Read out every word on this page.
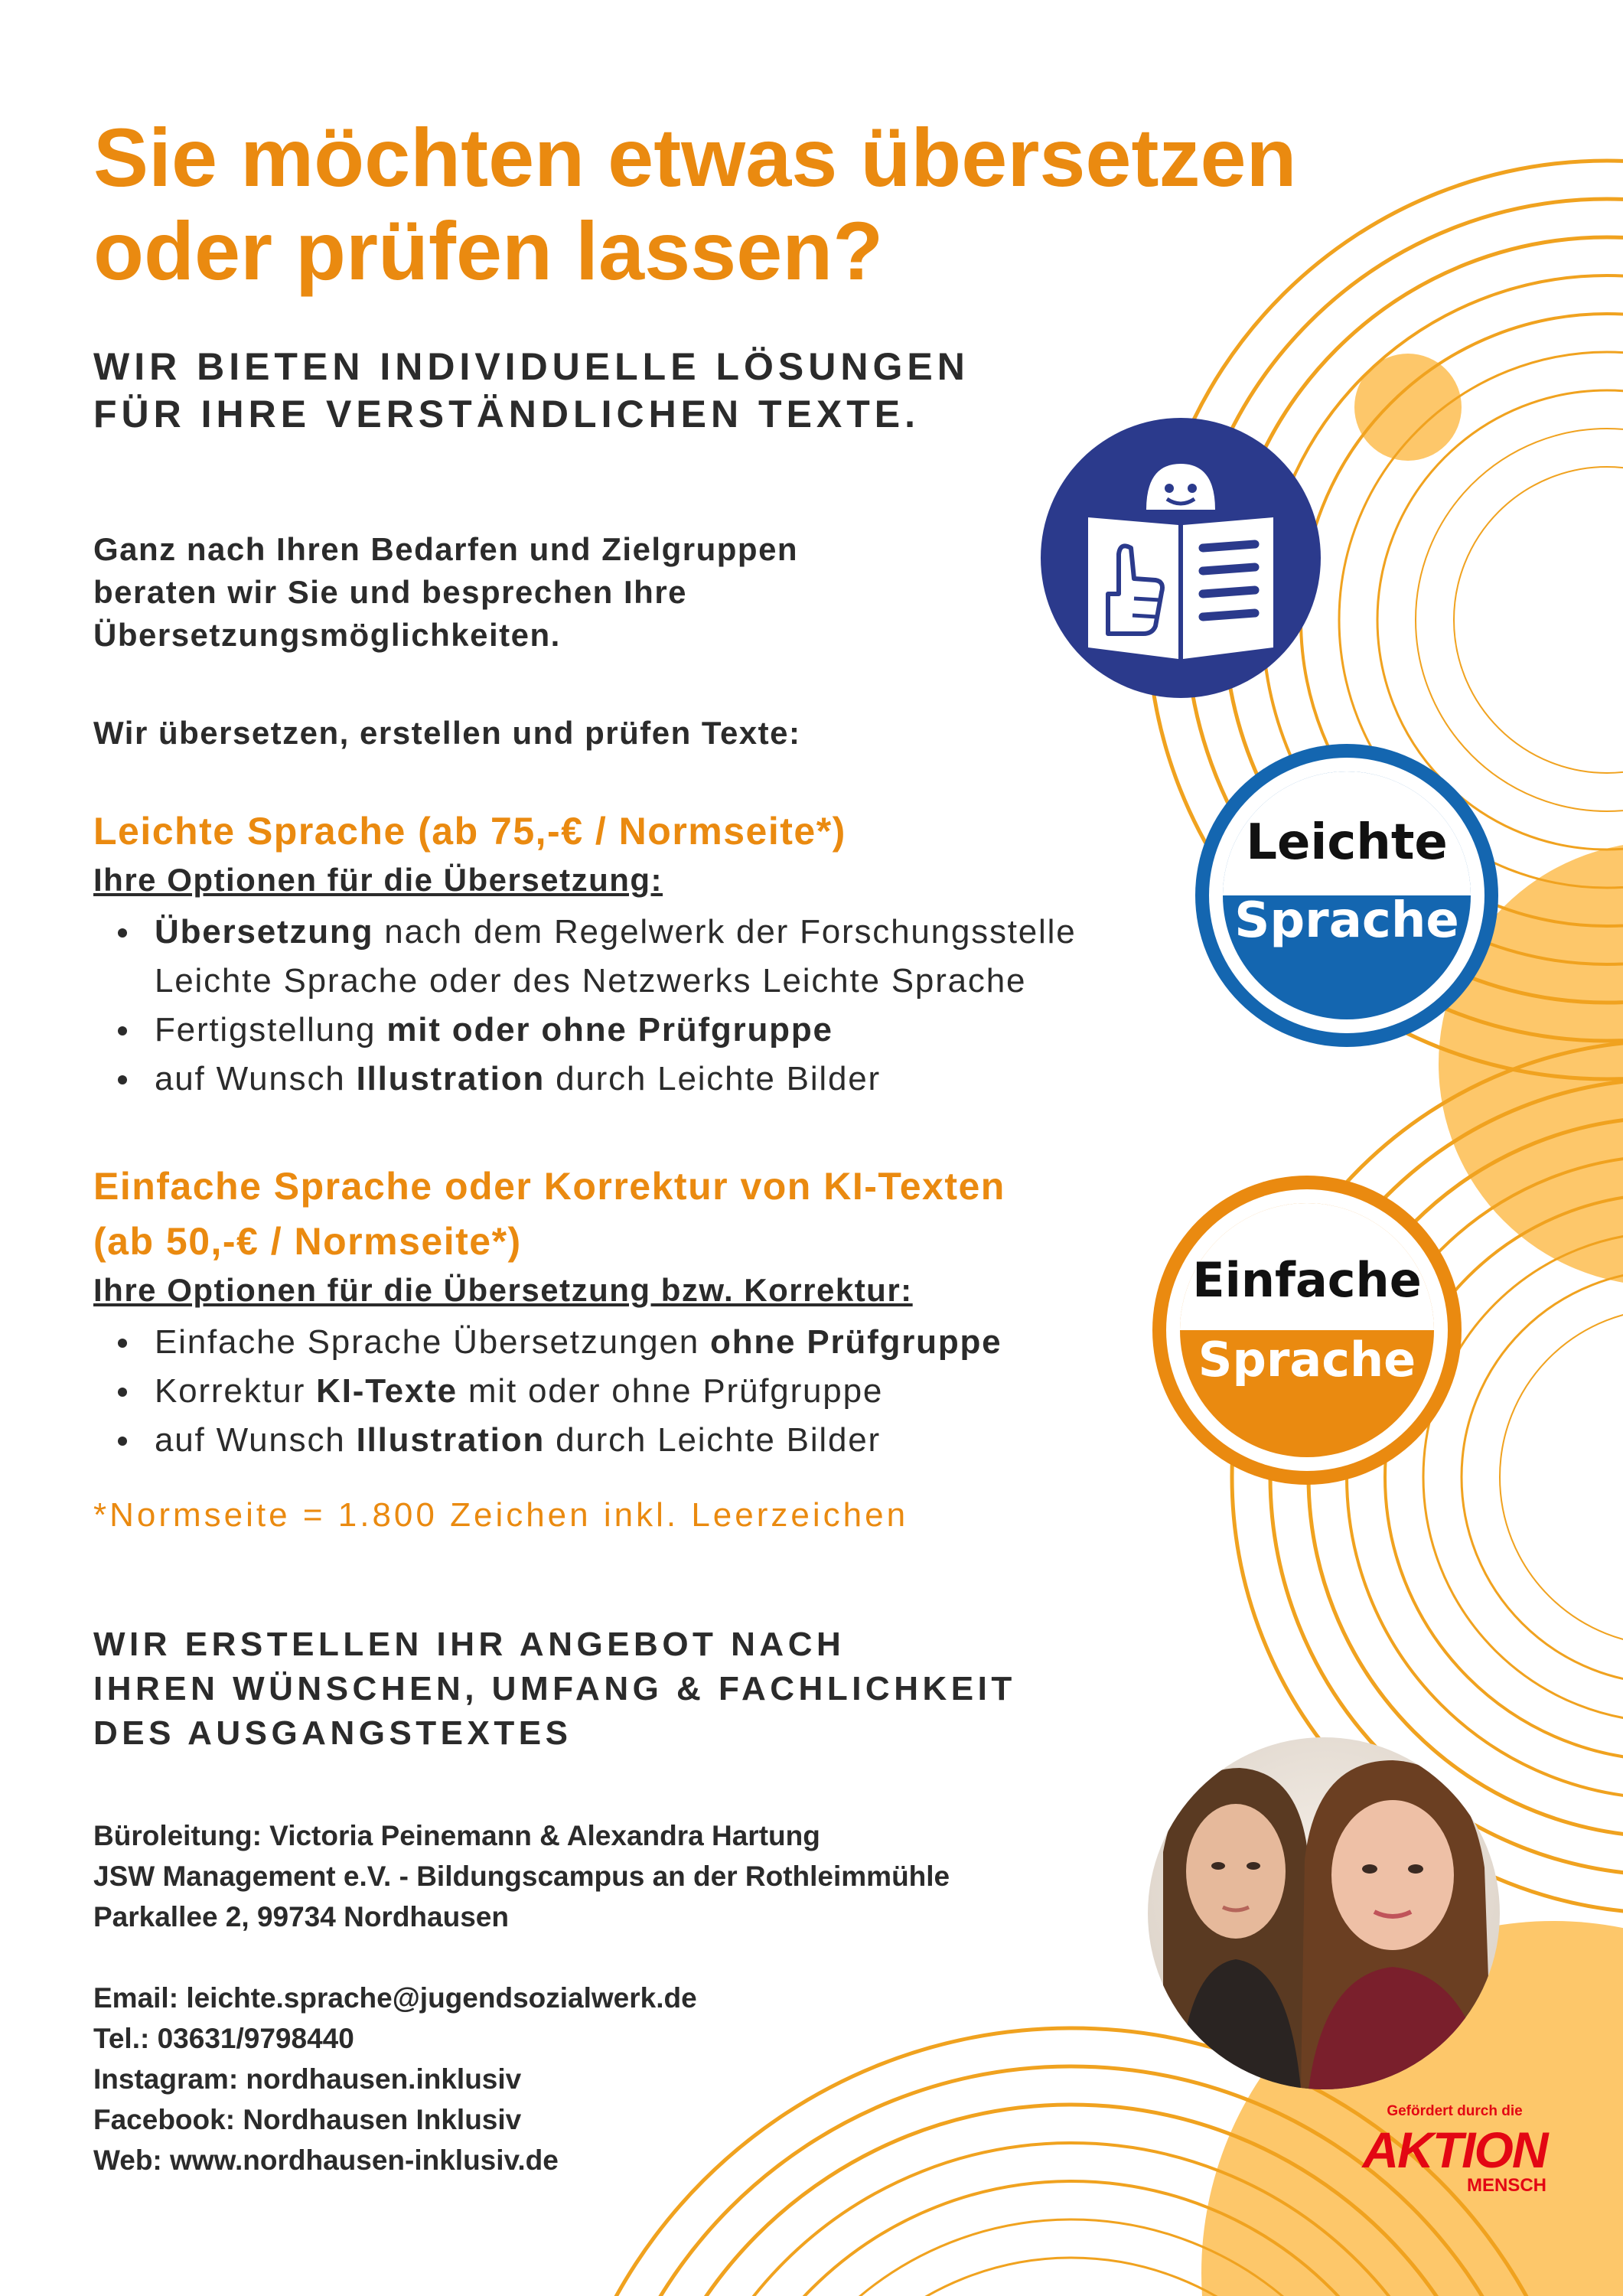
Sie möchten etwas übersetzen
oder prüfen lassen?
WIR BIETEN INDIVIDUELLE LÖSUNGEN
FÜR IHRE VERSTÄNDLICHEN TEXTE.

Ganz nach Ihren Bedarfen und Zielgruppen
beraten wir Sie und besprechen Ihre
Übersetzungsmöglichkeiten.

Wir übersetzen, erstellen und prüfen Texte:

Leichte Sprache (ab 75,-€ / Normseite*)

Ihre Optionen für die Übersetzung:

Übersetzung nach dem Regelwerk der Forschungsstelle Leichte Sprache oder des Netzwerks Leichte Sprache
Fertigstellung mit oder ohne Prüfgruppe
auf Wunsch Illustration durch Leichte Bilder
Einfache Sprache oder Korrektur von KI-Texten
(ab 50,-€ / Normseite*)

Ihre Optionen für die Übersetzung bzw. Korrektur:

Einfache Sprache Übersetzungen ohne Prüfgruppe
Korrektur KI-Texte mit oder ohne Prüfgruppe
auf Wunsch Illustration durch Leichte Bilder

*Normseite = 1.800 Zeichen inkl. Leerzeichen

WIR ERSTELLEN IHR ANGEBOT NACH
IHREN WÜNSCHEN, UMFANG & FACHLICHKEIT
DES AUSGANGSTEXTES

Büroleitung: Victoria Peinemann & Alexandra Hartung
JSW Management e.V. - Bildungscampus an der Rothleimmühle
Parkallee 2, 99734 Nordhausen

Email: leichte.sprache@jugendsozialwerk.de
Tel.: 03631/9798440
Instagram: nordhausen.inklusiv
Facebook: Nordhausen Inklusiv
Web: www.nordhausen-inklusiv.de

Leichte
Sprache
Einfache
Sprache
Gefördert durch die
AKTION
MENSCH
